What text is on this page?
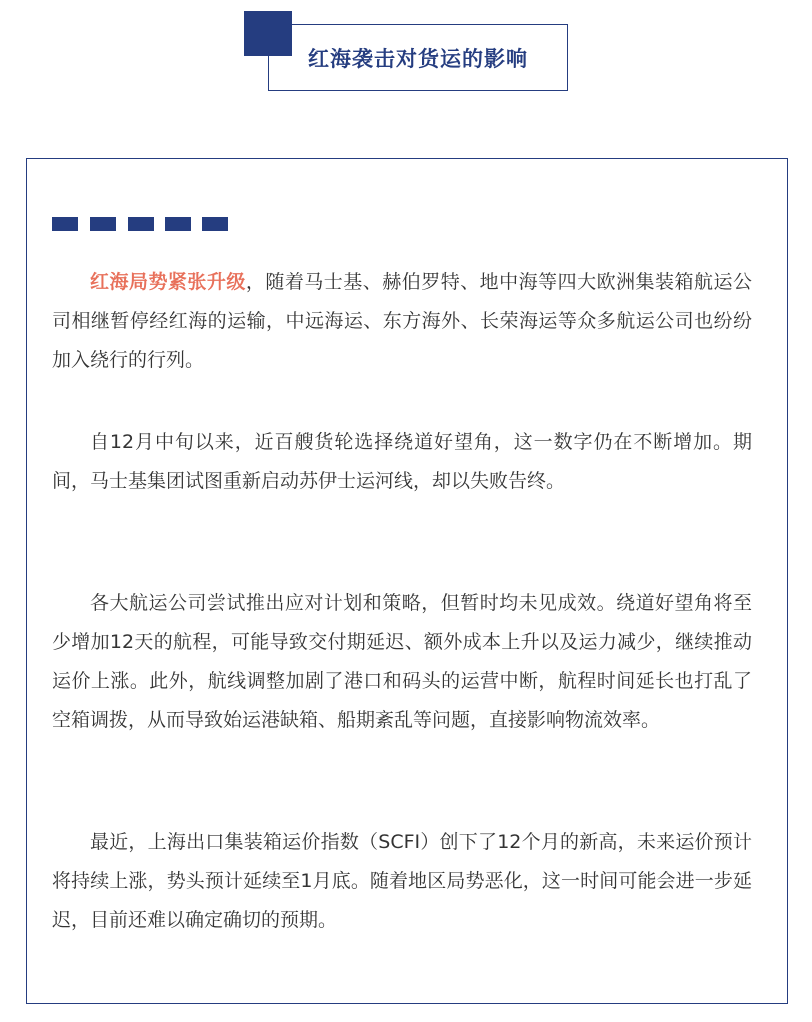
红海袭击对货运的影响

红海局势紧张升级，随着马士基、赫伯罗特、地中海等四大欧洲集装箱航运公司相继暂停经红海的运输，中远海运、东方海外、长荣海运等众多航运公司也纷纷加入绕行的行列。

自12月中旬以来，近百艘货轮选择绕道好望角，这一数字仍在不断增加。期间，马士基集团试图重新启动苏伊士运河线，却以失败告终。

各大航运公司尝试推出应对计划和策略，但暂时均未见成效。绕道好望角将至少增加12天的航程，可能导致交付期延迟、额外成本上升以及运力减少，继续推动运价上涨。此外，航线调整加剧了港口和码头的运营中断，航程时间延长也打乱了空箱调拨，从而导致始运港缺箱、船期紊乱等问题，直接影响物流效率。

最近，上海出口集装箱运价指数（SCFI）创下了12个月的新高，未来运价预计将持续上涨，势头预计延续至1月底。随着地区局势恶化，这一时间可能会进一步延迟，目前还难以确定确切的预期。
